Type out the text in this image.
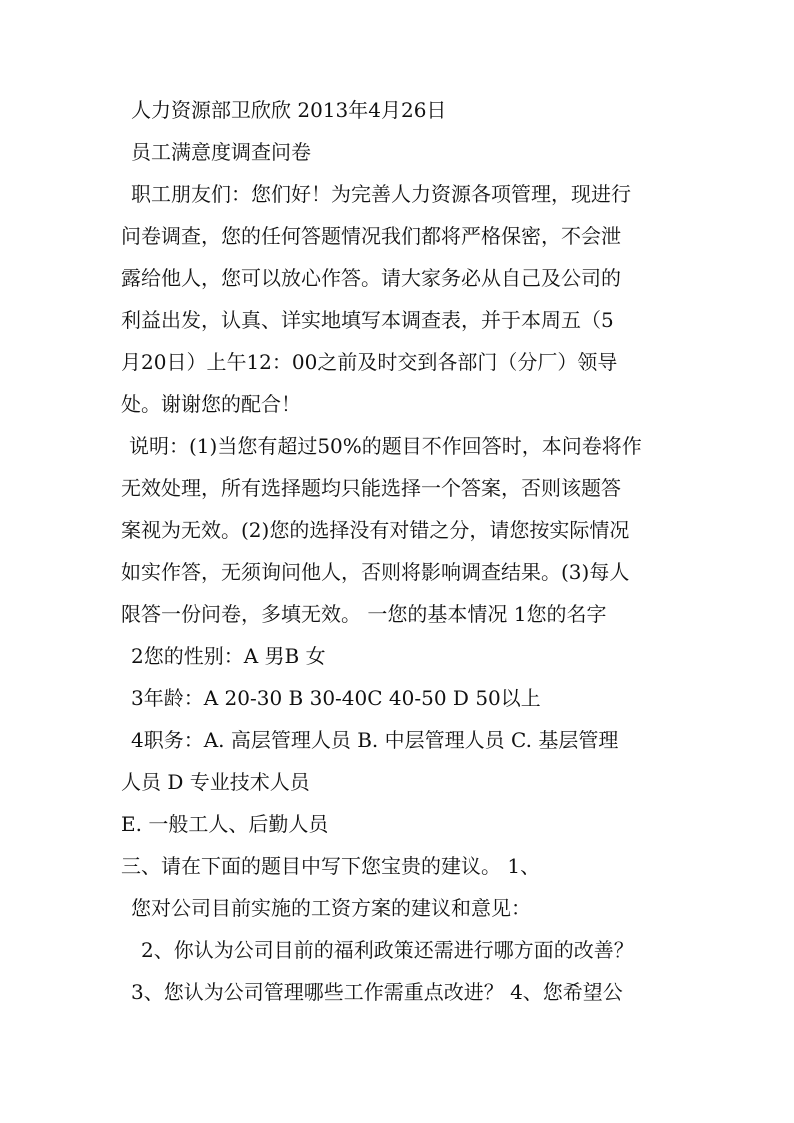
人力资源部卫欣欣 2013年4月26日
员工满意度调查问卷
职工朋友们：您们好！为完善人力资源各项管理，现进行
问卷调查，您的任何答题情况我们都将严格保密，不会泄
露给他人，您可以放心作答。请大家务必从自己及公司的
利益出发，认真、详实地填写本调查表，并于本周五（5
月20日）上午12：00之前及时交到各部门（分厂）领导
处。谢谢您的配合！
说明：(1)当您有超过50%的题目不作回答时，本问卷将作
无效处理，所有选择题均只能选择一个答案，否则该题答
案视为无效。(2)您的选择没有对错之分，请您按实际情况
如实作答，无须询问他人，否则将影响调查结果。(3)每人
限答一份问卷，多填无效。 一您的基本情况 1您的名字
2您的性别：A 男B 女
3年龄：A 20-30 B 30-40C 40-50 D 50以上
4职务：A. 高层管理人员 B. 中层管理人员 C. 基层管理
人员 D 专业技术人员
E. 一般工人、后勤人员
三、请在下面的题目中写下您宝贵的建议。 1、
您对公司目前实施的工资方案的建议和意见：
2、你认为公司目前的福利政策还需进行哪方面的改善？
3、您认为公司管理哪些工作需重点改进？ 4、您希望公
